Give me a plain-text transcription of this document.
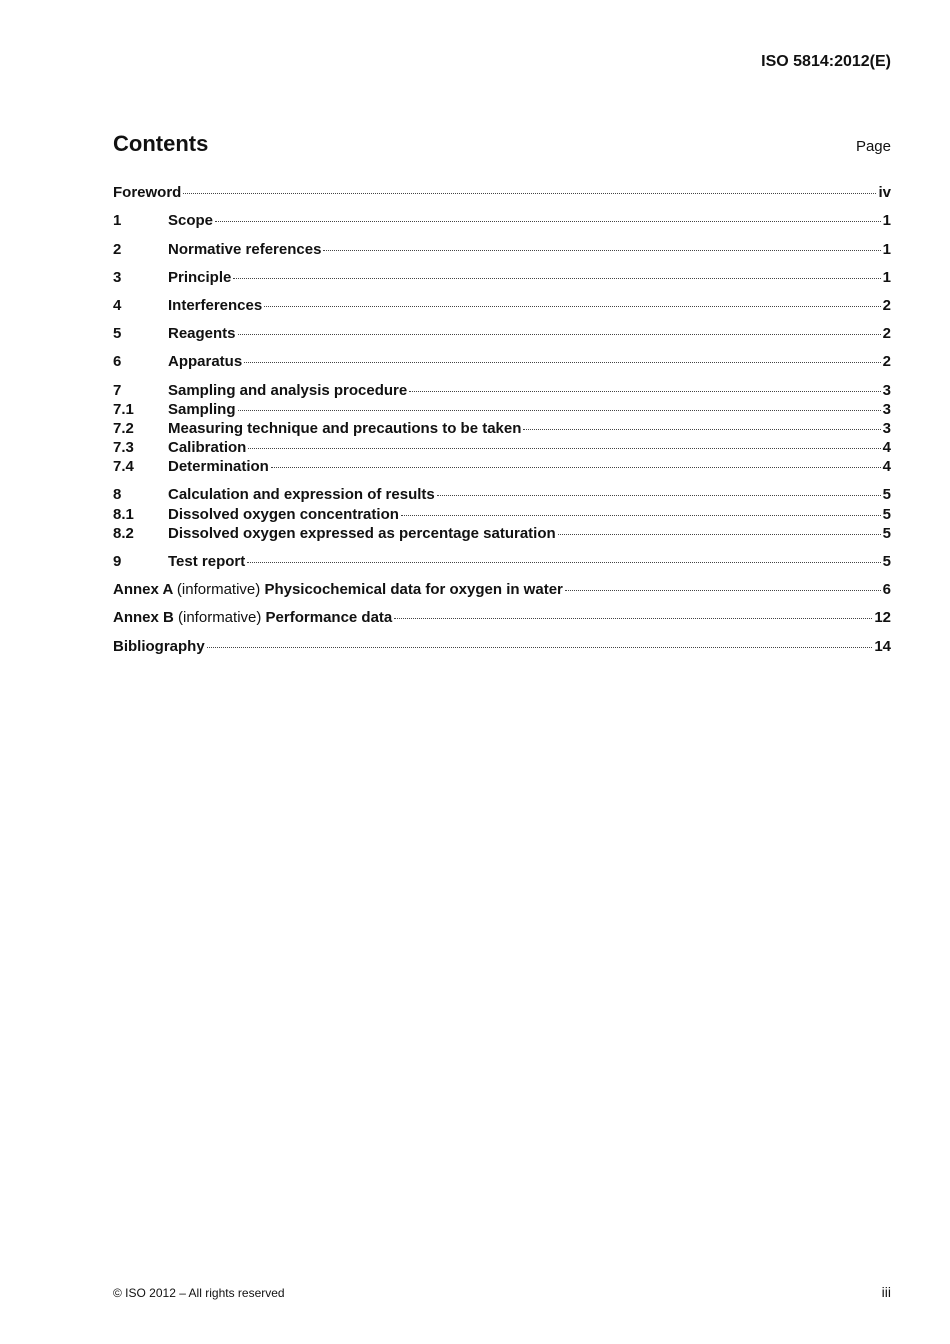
ISO 5814:2012(E)
Contents	Page
Foreword	iv
1	Scope	1
2	Normative references	1
3	Principle	1
4	Interferences	2
5	Reagents	2
6	Apparatus	2
7	Sampling and analysis procedure	3
7.1	Sampling	3
7.2	Measuring technique and precautions to be taken	3
7.3	Calibration	4
7.4	Determination	4
8	Calculation and expression of results	5
8.1	Dissolved oxygen concentration	5
8.2	Dissolved oxygen expressed as percentage saturation	5
9	Test report	5
Annex A (informative) Physicochemical data for oxygen in water	6
Annex B (informative) Performance data	12
Bibliography	14
© ISO 2012 – All rights reserved	iii
